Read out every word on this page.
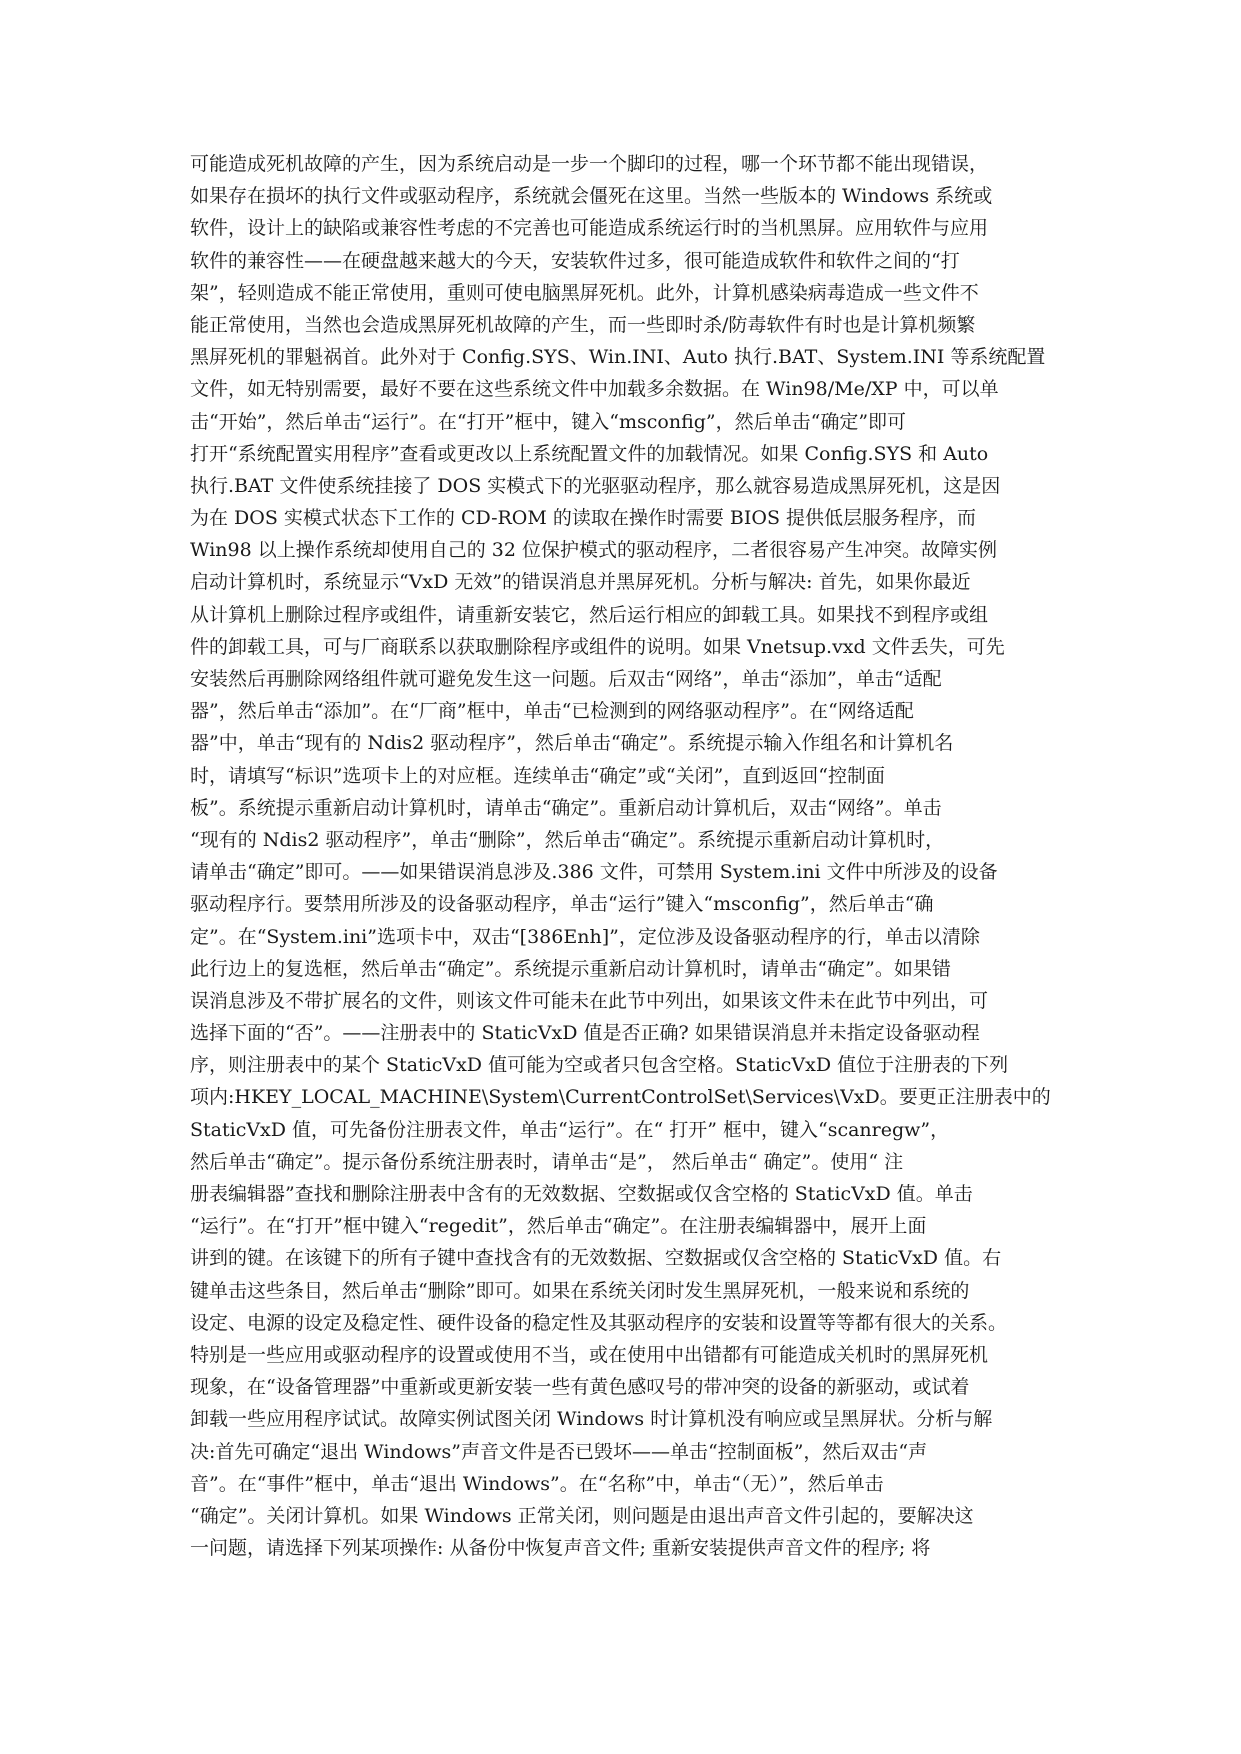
可能造成死机故障的产生，因为系统启动是一步一个脚印的过程，哪一个环节都不能出现错误，
如果存在损坏的执行文件或驱动程序，系统就会僵死在这里。当然一些版本的 Windows 系统或
软件，设计上的缺陷或兼容性考虑的不完善也可能造成系统运行时的当机黑屏。应用软件与应用
软件的兼容性——在硬盘越来越大的今天，安装软件过多，很可能造成软件和软件之间的“打
架”，轻则造成不能正常使用，重则可使电脑黑屏死机。此外，计算机感染病毒造成一些文件不
能正常使用，当然也会造成黑屏死机故障的产生，而一些即时杀/防毒软件有时也是计算机频繁
黑屏死机的罪魁祸首。此外对于 Config.SYS、Win.INI、Auto 执行.BAT、System.INI 等系统配置
文件，如无特别需要，最好不要在这些系统文件中加载多余数据。在 Win98/Me/XP 中，可以单
击“开始”，然后单击“运行”。在“打开”框中，键入“msconfig”，然后单击“确定”即可
打开“系统配置实用程序”查看或更改以上系统配置文件的加载情况。如果 Config.SYS 和 Auto
执行.BAT 文件使系统挂接了 DOS 实模式下的光驱驱动程序，那么就容易造成黑屏死机，这是因
为在 DOS 实模式状态下工作的 CD-ROM 的读取在操作时需要 BIOS 提供低层服务程序，而
Win98 以上操作系统却使用自己的 32 位保护模式的驱动程序，二者很容易产生冲突。故障实例
启动计算机时，系统显示“VxD 无效”的错误消息并黑屏死机。分析与解决: 首先，如果你最近
从计算机上删除过程序或组件，请重新安装它，然后运行相应的卸载工具。如果找不到程序或组
件的卸载工具，可与厂商联系以获取删除程序或组件的说明。如果 Vnetsup.vxd 文件丢失，可先
安装然后再删除网络组件就可避免发生这一问题。后双击“网络”，单击“添加”，单击“适配
器”，然后单击“添加”。在“厂商”框中，单击“已检测到的网络驱动程序”。在“网络适配
器”中，单击“现有的 Ndis2 驱动程序”，然后单击“确定”。系统提示输入作组名和计算机名
时，请填写“标识”选项卡上的对应框。连续单击“确定”或“关闭”，直到返回“控制面
板”。系统提示重新启动计算机时，请单击“确定”。重新启动计算机后，双击“网络”。单击
“现有的 Ndis2 驱动程序”，单击“删除”，然后单击“确定”。系统提示重新启动计算机时，
请单击“确定”即可。——如果错误消息涉及.386 文件，可禁用 System.ini 文件中所涉及的设备
驱动程序行。要禁用所涉及的设备驱动程序，单击“运行”键入“msconfig”，然后单击“确
定”。在“System.ini”选项卡中，双击“[386Enh]”，定位涉及设备驱动程序的行，单击以清除
此行边上的复选框，然后单击“确定”。系统提示重新启动计算机时，请单击“确定”。如果错
误消息涉及不带扩展名的文件，则该文件可能未在此节中列出，如果该文件未在此节中列出，可
选择下面的“否”。——注册表中的 StaticVxD 值是否正确? 如果错误消息并未指定设备驱动程
序，则注册表中的某个 StaticVxD 值可能为空或者只包含空格。StaticVxD 值位于注册表的下列
项内:HKEY_LOCAL_MACHINE\System\CurrentControlSet\Services\VxD。要更正注册表中的
StaticVxD 值，可先备份注册表文件，单击“运行”。在“ 打开” 框中，键入“scanregw”，
然后单击“确定”。提示备份系统注册表时，请单击“是”， 然后单击“ 确定”。使用“ 注
册表编辑器”查找和删除注册表中含有的无效数据、空数据或仅含空格的 StaticVxD 值。单击
“运行”。在“打开”框中键入“regedit”，然后单击“确定”。在注册表编辑器中，展开上面
讲到的键。在该键下的所有子键中查找含有的无效数据、空数据或仅含空格的 StaticVxD 值。右
键单击这些条目，然后单击“删除”即可。如果在系统关闭时发生黑屏死机，一般来说和系统的
设定、电源的设定及稳定性、硬件设备的稳定性及其驱动程序的安装和设置等等都有很大的关系。
特别是一些应用或驱动程序的设置或使用不当，或在使用中出错都有可能造成关机时的黑屏死机
现象，在“设备管理器”中重新或更新安装一些有黄色感叹号的带冲突的设备的新驱动，或试着
卸载一些应用程序试试。故障实例试图关闭 Windows 时计算机没有响应或呈黑屏状。分析与解
决:首先可确定“退出 Windows”声音文件是否已毁坏——单击“控制面板”，然后双击“声
音”。在“事件”框中，单击“退出 Windows”。在“名称”中，单击“（无）”，然后单击
“确定”。关闭计算机。如果 Windows 正常关闭，则问题是由退出声音文件引起的，要解决这
一问题，请选择下列某项操作: 从备份中恢复声音文件; 重新安装提供声音文件的程序; 将
